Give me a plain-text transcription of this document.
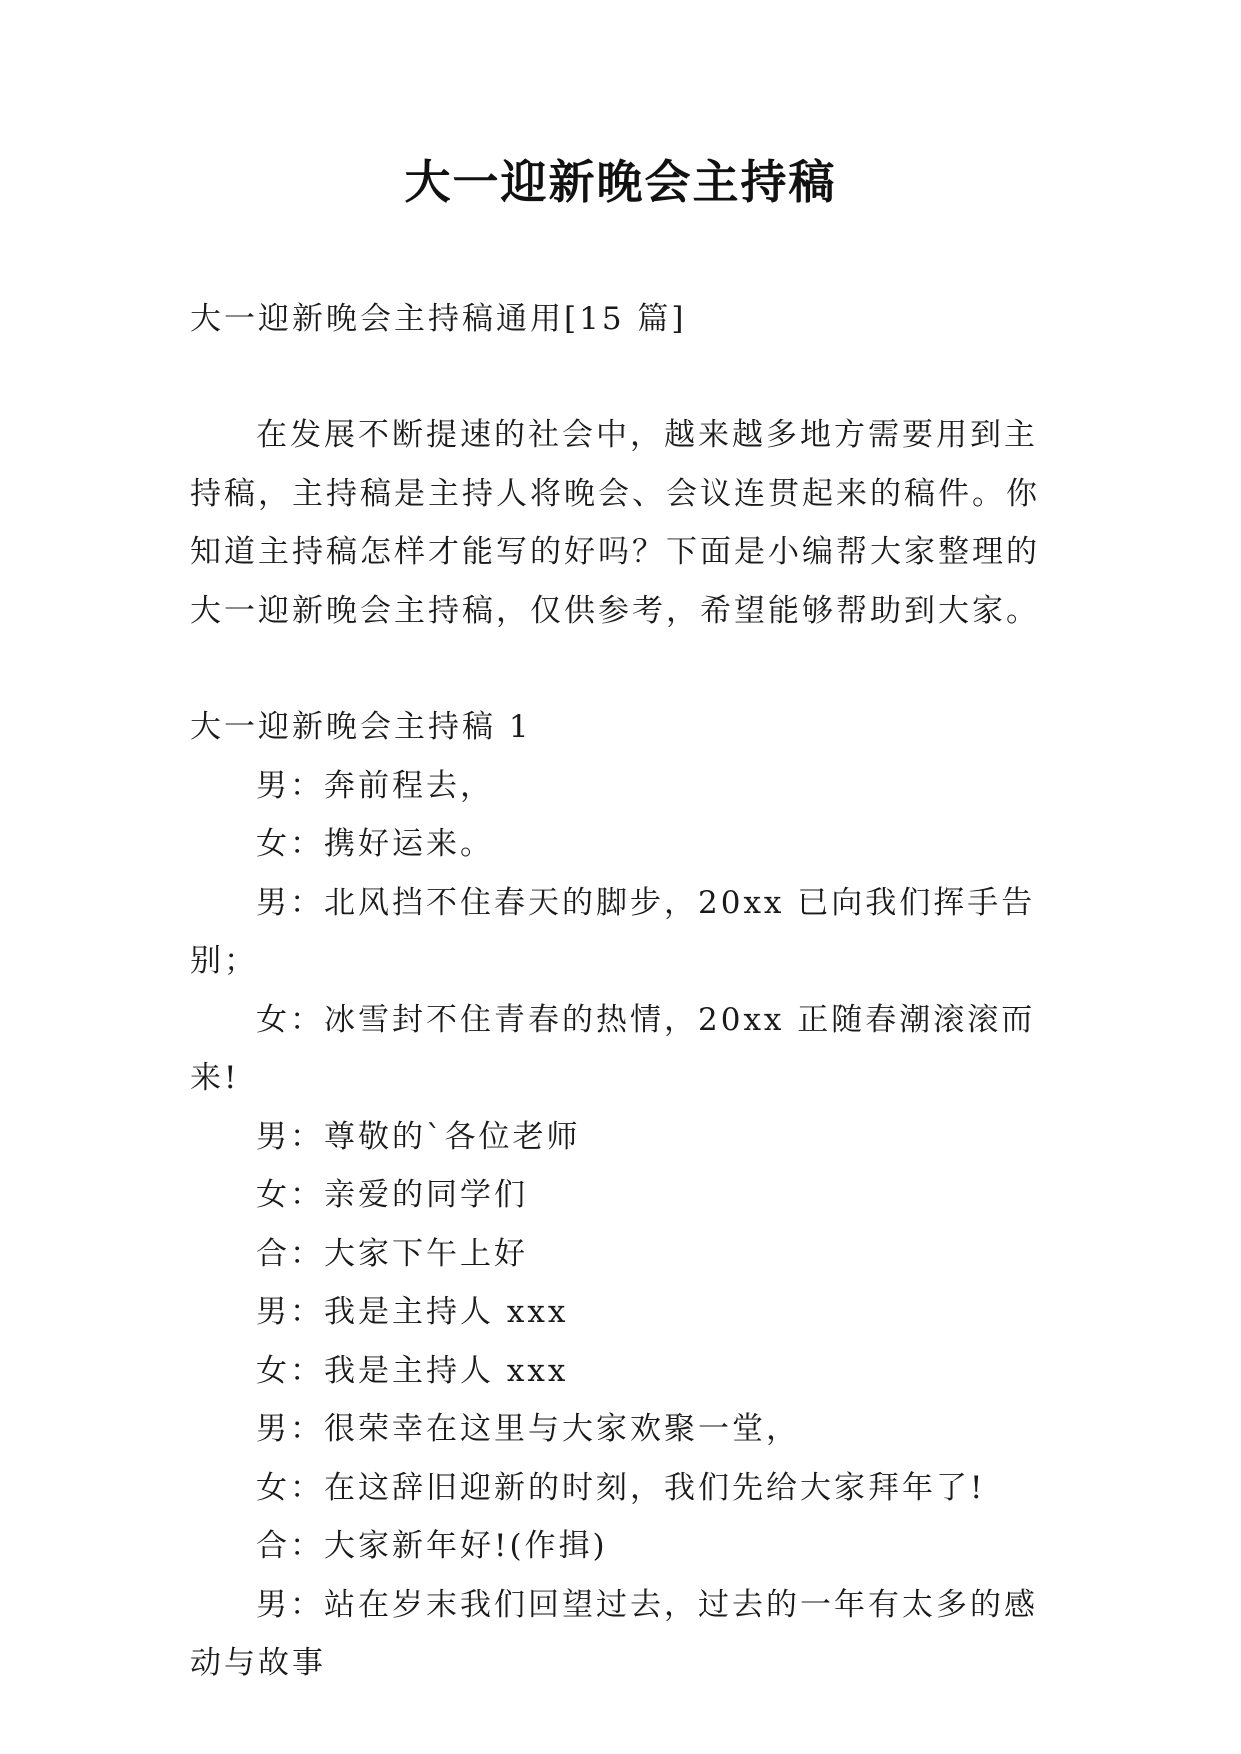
大一迎新晚会主持稿

大一迎新晚会主持稿通用[15 篇]

在发展不断提速的社会中，越来越多地方需要用到主持稿，主持稿是主持人将晚会、会议连贯起来的稿件。你知道主持稿怎样才能写的好吗？下面是小编帮大家整理的大一迎新晚会主持稿，仅供参考，希望能够帮助到大家。

大一迎新晚会主持稿 1

男：奔前程去，
女：携好运来。
男：北风挡不住春天的脚步，20xx 已向我们挥手告别；
女：冰雪封不住青春的热情，20xx 正随春潮滚滚而来!
男：尊敬的`各位老师
女：亲爱的同学们
合：大家下午上好
男：我是主持人 xxx
女：我是主持人 xxx
男：很荣幸在这里与大家欢聚一堂，
女：在这辞旧迎新的时刻，我们先给大家拜年了!
合：大家新年好!(作揖)
男：站在岁末我们回望过去，过去的一年有太多的感动与故事
